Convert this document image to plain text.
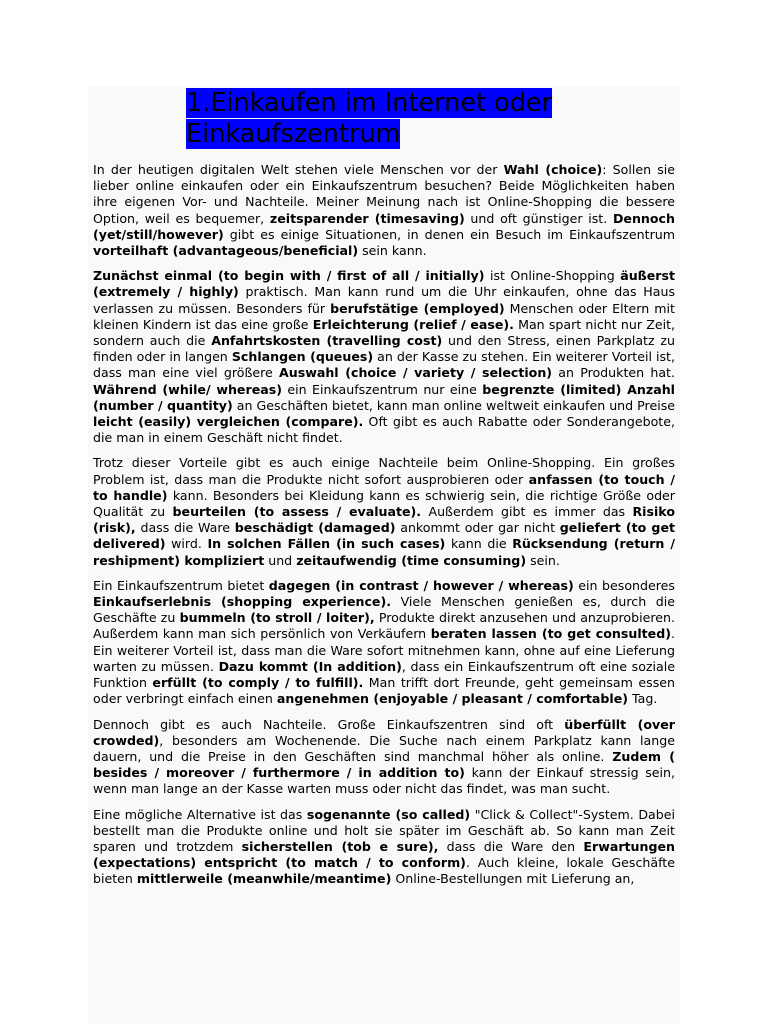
1.Einkaufen im Internet oder
Einkaufszentrum

In der heutigen digitalen Welt stehen viele Menschen vor der Wahl (choice): Sollen sie lieber online einkaufen oder ein Einkaufszentrum besuchen? Beide Möglichkeiten haben ihre eigenen Vor- und Nachteile. Meiner Meinung nach ist Online-Shopping die bessere Option, weil es bequemer, zeitsparender (timesaving) und oft günstiger ist. Dennoch (yet/still/however) gibt es einige Situationen, in denen ein Besuch im Einkaufszentrum vorteilhaft (advantageous/beneficial) sein kann.

Zunächst einmal (to begin with / first of all / initially) ist Online-Shopping äußerst (extremely / highly) praktisch. Man kann rund um die Uhr einkaufen, ohne das Haus verlassen zu müssen. Besonders für berufstätige (employed) Menschen oder Eltern mit kleinen Kindern ist das eine große Erleichterung (relief / ease). Man spart nicht nur Zeit, sondern auch die Anfahrtskosten (travelling cost) und den Stress, einen Parkplatz zu finden oder in langen Schlangen (queues) an der Kasse zu stehen. Ein weiterer Vorteil ist, dass man eine viel größere Auswahl (choice / variety / selection) an Produkten hat. Während (while/ whereas) ein Einkaufszentrum nur eine begrenzte (limited) Anzahl (number / quantity) an Geschäften bietet, kann man online weltweit einkaufen und Preise leicht (easily) vergleichen (compare). Oft gibt es auch Rabatte oder Sonderangebote, die man in einem Geschäft nicht findet.

Trotz dieser Vorteile gibt es auch einige Nachteile beim Online-Shopping. Ein großes Problem ist, dass man die Produkte nicht sofort ausprobieren oder anfassen (to touch / to handle) kann. Besonders bei Kleidung kann es schwierig sein, die richtige Größe oder Qualität zu beurteilen (to assess / evaluate). Außerdem gibt es immer das Risiko (risk), dass die Ware beschädigt (damaged) ankommt oder gar nicht geliefert (to get delivered) wird. In solchen Fällen (in such cases) kann die Rücksendung (return / reshipment) kompliziert und zeitaufwendig (time consuming) sein.

Ein Einkaufszentrum bietet dagegen (in contrast / however / whereas) ein besonderes Einkaufserlebnis (shopping experience). Viele Menschen genießen es, durch die Geschäfte zu bummeln (to stroll / loiter), Produkte direkt anzusehen und anzuprobieren. Außerdem kann man sich persönlich von Verkäufern beraten lassen (to get consulted). Ein weiterer Vorteil ist, dass man die Ware sofort mitnehmen kann, ohne auf eine Lieferung warten zu müssen. Dazu kommt (In addition), dass ein Einkaufszentrum oft eine soziale Funktion erfüllt (to comply / to fulfill). Man trifft dort Freunde, geht gemeinsam essen oder verbringt einfach einen angenehmen (enjoyable / pleasant / comfortable) Tag.

Dennoch gibt es auch Nachteile. Große Einkaufszentren sind oft überfüllt (over crowded), besonders am Wochenende. Die Suche nach einem Parkplatz kann lange dauern, und die Preise in den Geschäften sind manchmal höher als online. Zudem ( besides / moreover / furthermore / in addition to) kann der Einkauf stressig sein, wenn man lange an der Kasse warten muss oder nicht das findet, was man sucht.

Eine mögliche Alternative ist das sogenannte (so called) "Click & Collect"-System. Dabei bestellt man die Produkte online und holt sie später im Geschäft ab. So kann man Zeit sparen und trotzdem sicherstellen (tob e sure), dass die Ware den Erwartungen (expectations) entspricht (to match / to conform). Auch kleine, lokale Geschäfte bieten mittlerweile (meanwhile/meantime) Online-Bestellungen mit Lieferung an,
